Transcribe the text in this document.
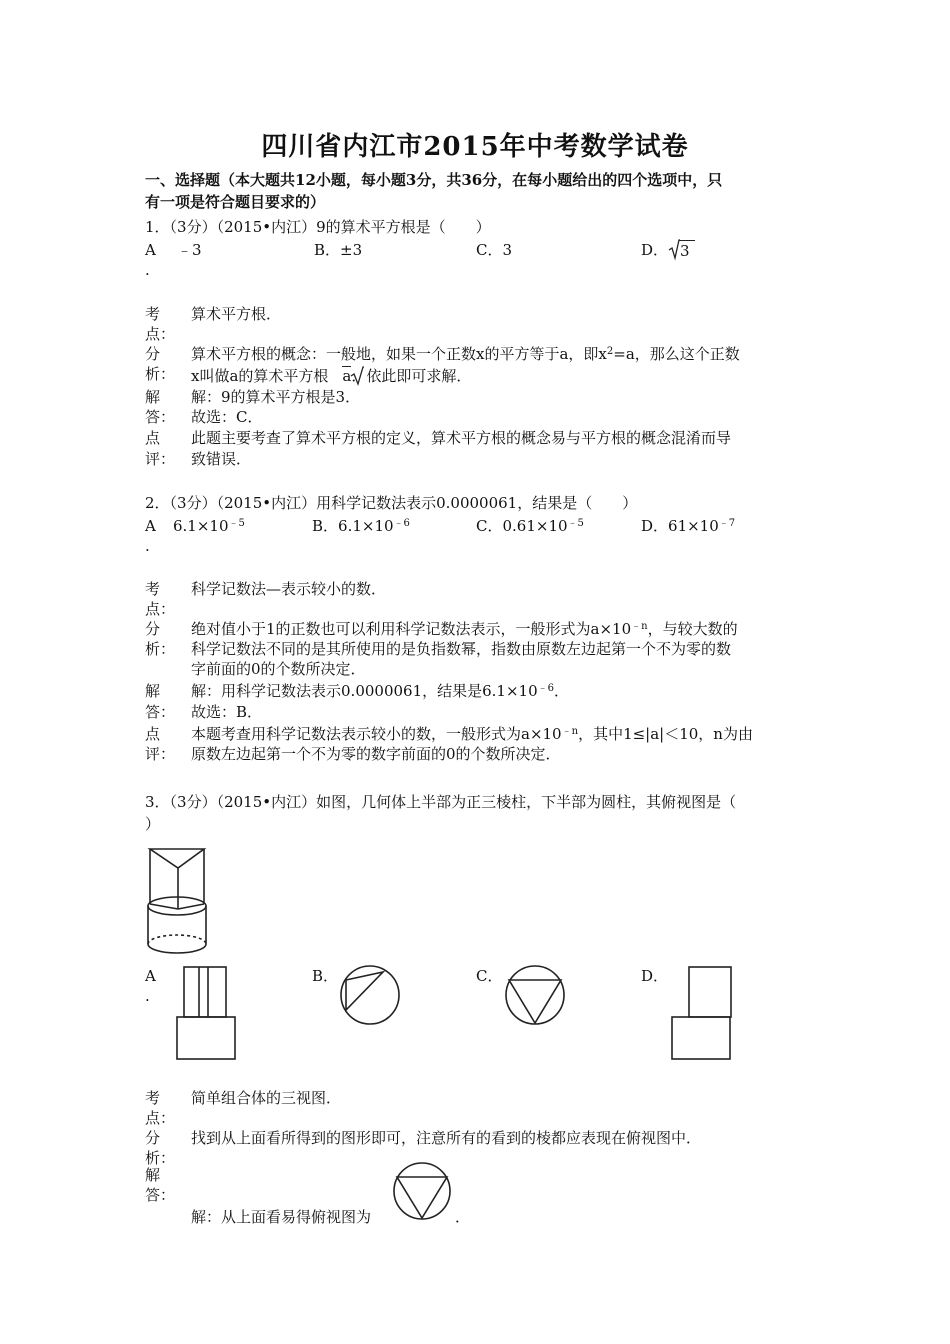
四川省内江市2015年中考数学试卷
一、选择题（本大题共12小题，每小题3分，共36分，在每小题给出的四个选项中，只
有一项是符合题目要求的）
1．（3分）（2015•内江）9的算术平方根是（　　）
A
.
﹣3	B．±3	C．3	D． 3
考
点：
算术平方根．
分
析：
算术平方根的概念：一般地，如果一个正数x的平方等于a，即$x^2=a$，那么这个正数
x叫做a的算术平方根 a．依此即可求解．
解
答：
解：9的算术平方根是3．
故选：C．
点
评：
此题主要考查了算术平方根的定义，算术平方根的概念易与平方根的概念混淆而导
致错误．
2．（3分）（2015•内江）用科学记数法表示0.0000061，结果是（　　）
A
.
$6.1\times 10^{﹣5}$	B．$6.1\times 10^{﹣6}$	C．$0.61\times 10^{﹣5}$	D．$61\times 10^{﹣7}$
考
点：
科学记数法—表示较小的数．
分
析：
绝对值小于1的正数也可以利用科学记数法表示，一般形式为$a\times 10^{﹣n}$，与较大数的
科学记数法不同的是其所使用的是负指数幂，指数由原数左边起第一个不为零的数
字前面的0的个数所决定．
解
答：
解：用科学记数法表示0.0000061，结果是$6.1\times 10^{﹣6}$．
故选：B．
点
评：
本题考查用科学记数法表示较小的数，一般形式为$a\times 10^{﹣n}$，其中1≤|a|＜10，n为由
原数左边起第一个不为零的数字前面的0的个数所决定．
3．（3分）（2015•内江）如图，几何体上半部为正三棱柱，下半部为圆柱，其俯视图是（
）
A
.
B．	C．	D．
考
点：
简单组合体的三视图．
分
析：
找到从上面看所得到的图形即可，注意所有的看到的棱都应表现在俯视图中．
解
答：
解：从上面看易得俯视图为	．
